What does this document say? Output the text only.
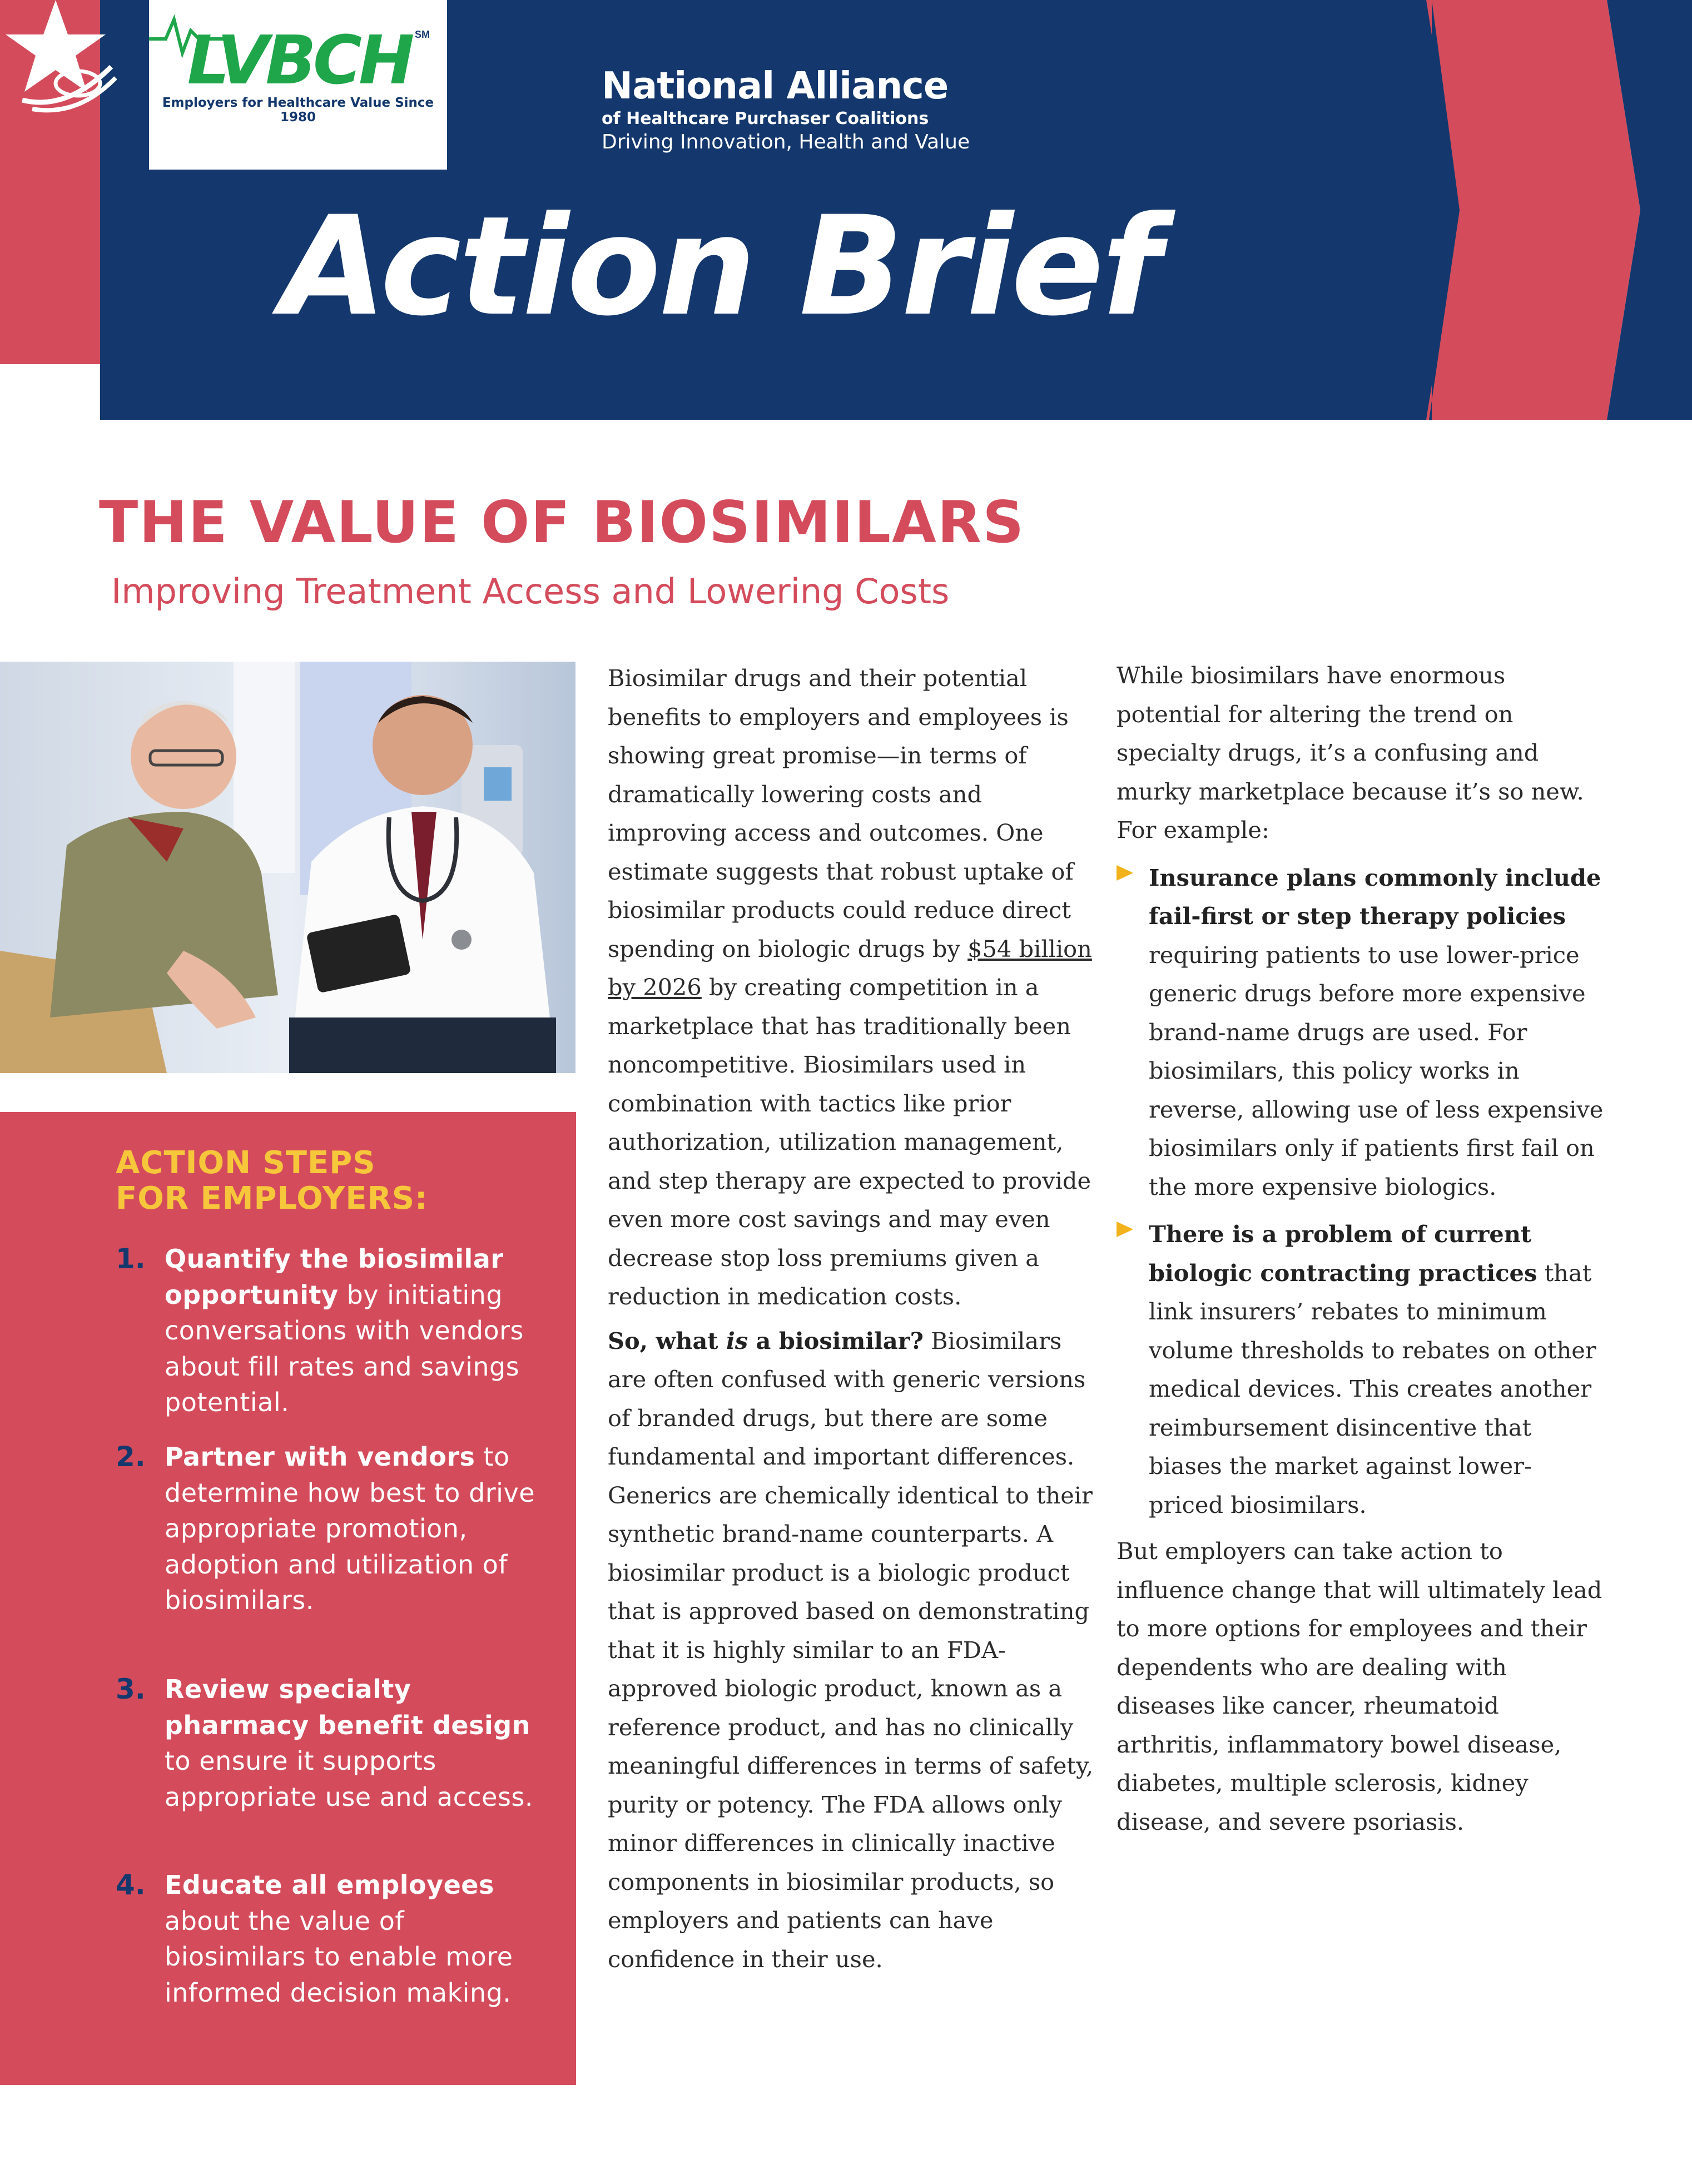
LVBCH SM
Employers for Healthcare Value Since 1980
National Alliance
of Healthcare Purchaser Coalitions
Driving Innovation, Health and Value
Action Brief
THE VALUE OF BIOSIMILARS
Improving Treatment Access and Lowering Costs
ACTION STEPS
FOR EMPLOYERS:
1. Quantify the biosimilar opportunity by initiating conversations with vendors about fill rates and savings potential.
2. Partner with vendors to determine how best to drive appropriate promotion, adoption and utilization of biosimilars.
3. Review specialty pharmacy benefit design to ensure it supports appropriate use and access.
4. Educate all employees about the value of biosimilars to enable more informed decision making.

Biosimilar drugs and their potential benefits to employers and employees is showing great promise—in terms of dramatically lowering costs and improving access and outcomes. One estimate suggests that robust uptake of biosimilar products could reduce direct spending on biologic drugs by $54 billion by 2026 by creating competition in a marketplace that has traditionally been noncompetitive. Biosimilars used in combination with tactics like prior authorization, utilization management, and step therapy are expected to provide even more cost savings and may even decrease stop loss premiums given a reduction in medication costs.

So, what is a biosimilar? Biosimilars are often confused with generic versions of branded drugs, but there are some fundamental and important differences. Generics are chemically identical to their synthetic brand-name counterparts. A biosimilar product is a biologic product that is approved based on demonstrating that it is highly similar to an FDA-approved biologic product, known as a reference product, and has no clinically meaningful differences in terms of safety, purity or potency. The FDA allows only minor differences in clinically inactive components in biosimilar products, so employers and patients can have confidence in their use.

While biosimilars have enormous potential for altering the trend on specialty drugs, it’s a confusing and murky marketplace because it’s so new. For example:

Insurance plans commonly include fail-first or step therapy policies requiring patients to use lower-price generic drugs before more expensive brand-name drugs are used. For biosimilars, this policy works in reverse, allowing use of less expensive biosimilars only if patients first fail on the more expensive biologics.
There is a problem of current biologic contracting practices that link insurers’ rebates to minimum volume thresholds to rebates on other medical devices. This creates another reimbursement disincentive that biases the market against lower-priced biosimilars.

But employers can take action to influence change that will ultimately lead to more options for employees and their dependents who are dealing with diseases like cancer, rheumatoid arthritis, inflammatory bowel disease, diabetes, multiple sclerosis, kidney disease, and severe psoriasis.
